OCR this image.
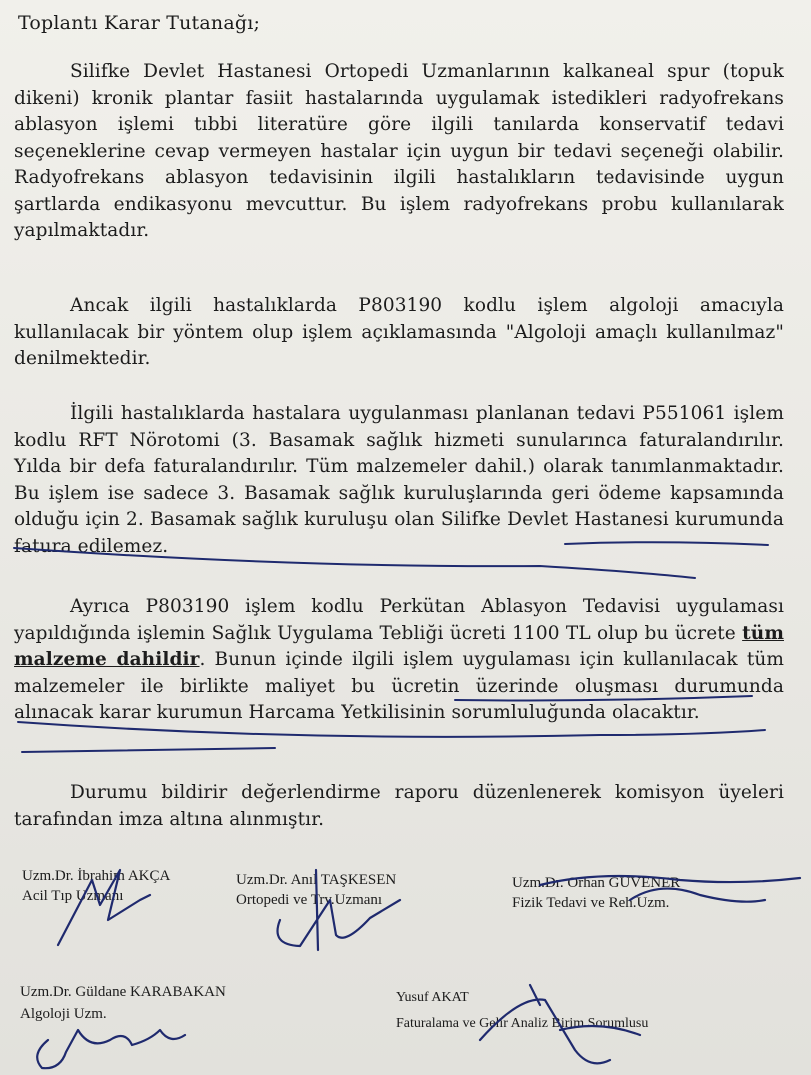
Toplantı Karar Tutanağı;
Silifke Devlet Hastanesi Ortopedi Uzmanlarının kalkaneal spur (topuk dikeni) kronik plantar fasiit hastalarında uygulamak istedikleri radyofrekans ablasyon işlemi tıbbi literatüre göre ilgili tanılarda konservatif tedavi seçeneklerine cevap vermeyen hastalar için uygun bir tedavi seçeneği olabilir. Radyofrekans ablasyon tedavisinin ilgili hastalıkların tedavisinde uygun şartlarda endikasyonu mevcuttur. Bu işlem radyofrekans probu kullanılarak yapılmaktadır.
Ancak ilgili hastalıklarda P803190 kodlu işlem algoloji amacıyla kullanılacak bir yöntem olup işlem açıklamasında "Algoloji amaçlı kullanılmaz" denilmektedir.
İlgili hastalıklarda hastalara uygulanması planlanan tedavi P551061 işlem kodlu RFT Nörotomi (3. Basamak sağlık hizmeti sunularınca faturalandırılır. Yılda bir defa faturalandırılır. Tüm malzemeler dahil.) olarak tanımlanmaktadır. Bu işlem ise sadece 3. Basamak sağlık kuruluşlarında geri ödeme kapsamında olduğu için 2. Basamak sağlık kuruluşu olan Silifke Devlet Hastanesi kurumunda fatura edilemez.
Ayrıca P803190 işlem kodlu Perkütan Ablasyon Tedavisi uygulaması yapıldığında işlemin Sağlık Uygulama Tebliği ücreti 1100 TL olup bu ücrete tüm malzeme dahildir. Bunun içinde ilgili işlem uygulaması için kullanılacak tüm malzemeler ile birlikte maliyet bu ücretin üzerinde oluşması durumunda alınacak karar kurumun Harcama Yetkilisinin sorumluluğunda olacaktır.
Durumu bildirir değerlendirme raporu düzenlenerek komisyon üyeleri tarafından imza altına alınmıştır.
Uzm.Dr. İbrahim AKÇA
Acil Tıp Uzmanı
Uzm.Dr. Anıl TAŞKESEN
Ortopedi ve Trv.Uzmanı
Uzm.Dr. Orhan GÜVENER
Fizik Tedavi ve Reh.Uzm.
Uzm.Dr. Güldane KARABAKAN
Algoloji Uzm.
Yusuf AKAT
Faturalama ve Gelir Analiz Birim Sorumlusu
